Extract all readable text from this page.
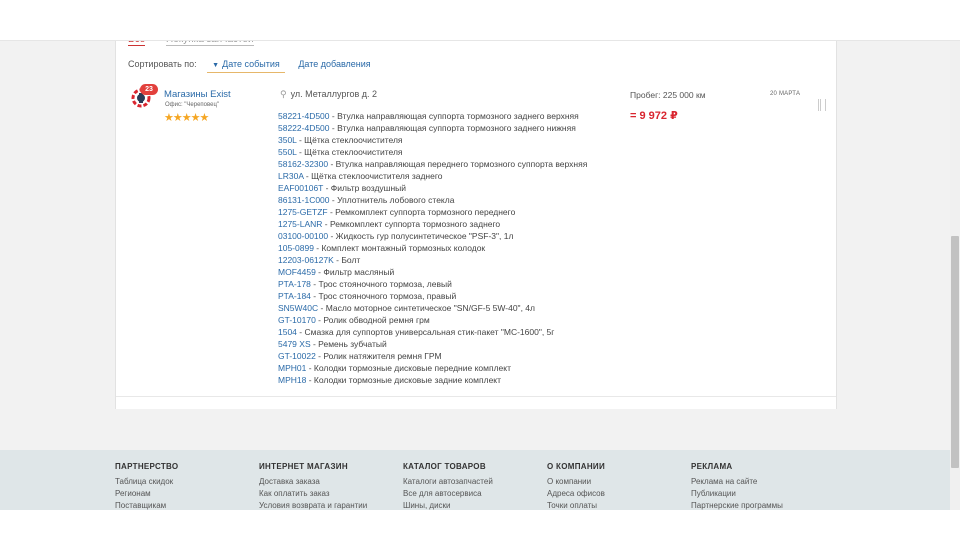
Сортировать по: ▼ Дате события Дате добавления
23	Магазины Exist
Офис: "Череповец"
★★★★★
⚲ ул. Металлургов д. 2	Пробег: 225 000 км
= 9 972 ₽
20 МАРТА
58221-4D500 - Втулка направляющая суппорта тормозного заднего верхняя
58222-4D500 - Втулка направляющая суппорта тормозного заднего нижняя
350L - Щётка стеклоочистителя
550L - Щётка стеклоочистителя
58162-32300 - Втулка направляющая переднего тормозного суппорта верхняя
LR30A - Щётка стеклоочистителя заднего
EAF00106T - Фильтр воздушный
86131-1C000 - Уплотнитель лобового стекла
1275-GETZF - Ремкомплект суппорта тормозного переднего
1275-LANR - Ремкомплект суппорта тормозного заднего
03100-00100 - Жидкость гур полусинтетическое "PSF-3", 1л
105-0899 - Комплект монтажный тормозных колодок
12203-06127K - Болт
MOF4459 - Фильтр масляный
PTA-178 - Трос стояночного тормоза, левый
PTA-184 - Трос стояночного тормоза, правый
SN5W40C - Масло моторное синтетическое "SN/GF-5 5W-40", 4л
GT-10170 - Ролик обводной ремня грм
1504 - Смазка для суппортов универсальная стик-пакет "MC-1600", 5г
5479 XS - Ремень зубчатый
GT-10022 - Ролик натяжителя ремня ГРМ
MPH01 - Колодки тормозные дисковые передние комплект
MPH18 - Колодки тормозные дисковые задние комплект
ПАРТНЕРСТВО
Таблица скидок
Регионам
Поставщикам
ИНТЕРНЕТ МАГАЗИН
Доставка заказа
Как оплатить заказ
Условия возврата и гарантии
КАТАЛОГ ТОВАРОВ
Каталоги автозапчастей
Все для автосервиса
Шины, диски
О КОМПАНИИ
О компании
Адреса офисов
Точки оплаты
РЕКЛАМА
Реклама на сайте
Публикации
Партнерские программы
